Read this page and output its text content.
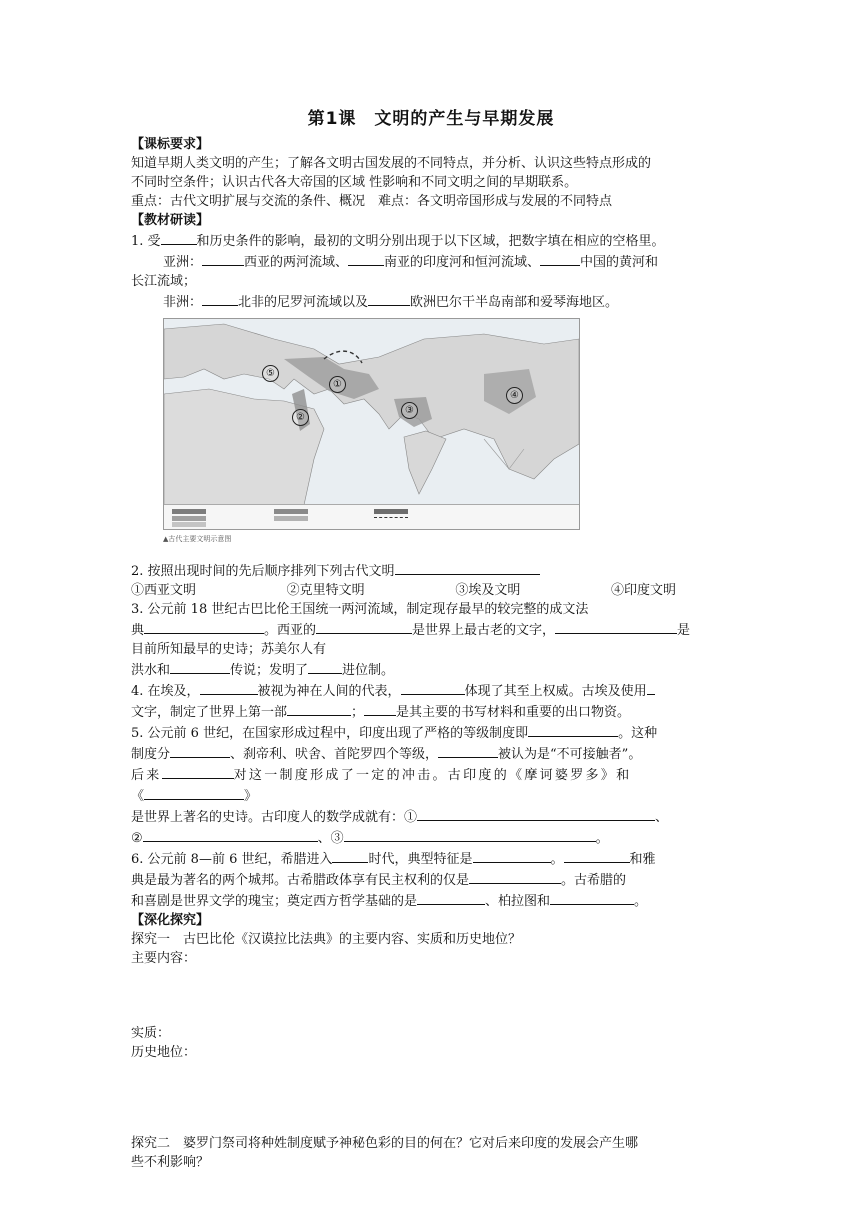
第1课　文明的产生与早期发展
【课标要求】
知道早期人类文明的产生；了解各文明古国发展的不同特点，并分析、认识这些特点形成的
不同时空条件；认识古代各大帝国的区域 性影响和不同文明之间的早期联系。
重点：古代文明扩展与交流的条件、概况　难点：各文明帝国形成与发展的不同特点
【教材研读】
1. 受	和历史条件的影响，最初的文明分别出现于以下区域，把数字填在相应的空格里。
亚洲：	西亚的两河流域、	南亚的印度河和恒河流域、	中国的黄河和
长江流域；
非洲：	北非的尼罗河流域以及	欧洲巴尔干半岛南部和爱琴海地区。
⑤
①
②
③
④
▲古代主要文明示意图
2. 按照出现时间的先后顺序排列下列古代文明
①西亚文明	②克里特文明	③埃及文明	④印度文明
3. 公元前 18 世纪古巴比伦王国统一两河流域，制定现存最早的较完整的成文法
典	。西亚的	是世界上最古老的文字，	是
目前所知最早的史诗；苏美尔人有
洪水和	传说；发明了	进位制。
4. 在埃及，	被视为神在人间的代表，	体现了其至上权威。古埃及使用
文字，制定了世界上第一部	； 是其主要的书写材料和重要的出口物资。
5. 公元前 6 世纪，在国家形成过程中，印度出现了严格的等级制度即	。这种
制度分	、刹帝利、吠舍、首陀罗四个等级，	被认为是“不可接触者”。
后来	对这一制度形成了一定的冲击。古印度的《摩诃婆罗多》和
《	》
是世界上著名的史诗。古印度人的数学成就有：①	、
②	、③	。
6. 公元前 8—前 6 世纪，希腊进入	时代，典型特征是	。	和雅
典是最为著名的两个城邦。古希腊政体享有民主权利的仅是	。古希腊的
和喜剧是世界文学的瑰宝；奠定西方哲学基础的是	、柏拉图和	。
【深化探究】
探究一　古巴比伦《汉谟拉比法典》的主要内容、实质和历史地位？
主要内容：
实质：
历史地位：
探究二　婆罗门祭司将种姓制度赋予神秘色彩的目的何在？它对后来印度的发展会产生哪
些不利影响？
